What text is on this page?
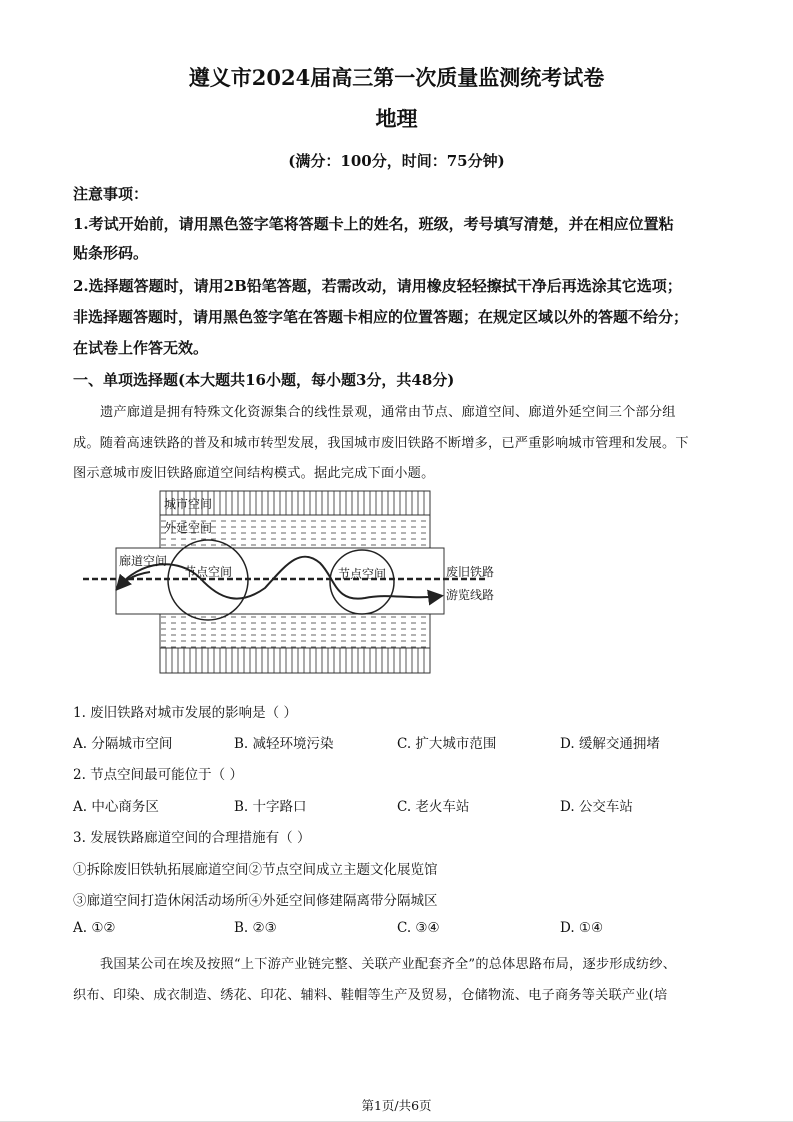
遵义市2024届高三第一次质量监测统考试卷
地理
(满分：100分，时间：75分钟)
注意事项：
1.考试开始前，请用黑色签字笔将答题卡上的姓名，班级，考号填写清楚，并在相应位置粘
贴条形码。
2.选择题答题时，请用2B铅笔答题，若需改动，请用橡皮轻轻擦拭干净后再选涂其它选项；
非选择题答题时，请用黑色签字笔在答题卡相应的位置答题；在规定区域以外的答题不给分；
在试卷上作答无效。
一、单项选择题(本大题共16小题，每小题3分，共48分)
遗产廊道是拥有特殊文化资源集合的线性景观，通常由节点、廊道空间、廊道外延空间三个部分组
成。随着高速铁路的普及和城市转型发展，我国城市废旧铁路不断增多，已严重影响城市管理和发展。下
图示意城市废旧铁路廊道空间结构模式。据此完成下面小题。
城市空间
外延空间
廊道空间
节点空间	节点空间	废旧铁路
游览线路
1. 废旧铁路对城市发展的影响是（ ）
A. 分隔城市空间	B. 减轻环境污染	C. 扩大城市范围	D. 缓解交通拥堵
2. 节点空间最可能位于（ ）
A. 中心商务区	B. 十字路口	C. 老火车站	D. 公交车站
3. 发展铁路廊道空间的合理措施有（ ）
①拆除废旧铁轨拓展廊道空间②节点空间成立主题文化展览馆
③廊道空间打造休闲活动场所④外延空间修建隔离带分隔城区
A. ①②	B. ②③	C. ③④	D. ①④
我国某公司在埃及按照“上下游产业链完整、关联产业配套齐全”的总体思路布局，逐步形成纺纱、
织布、印染、成衣制造、绣花、印花、辅料、鞋帽等生产及贸易，仓储物流、电子商务等关联产业(培
第1页/共6页
